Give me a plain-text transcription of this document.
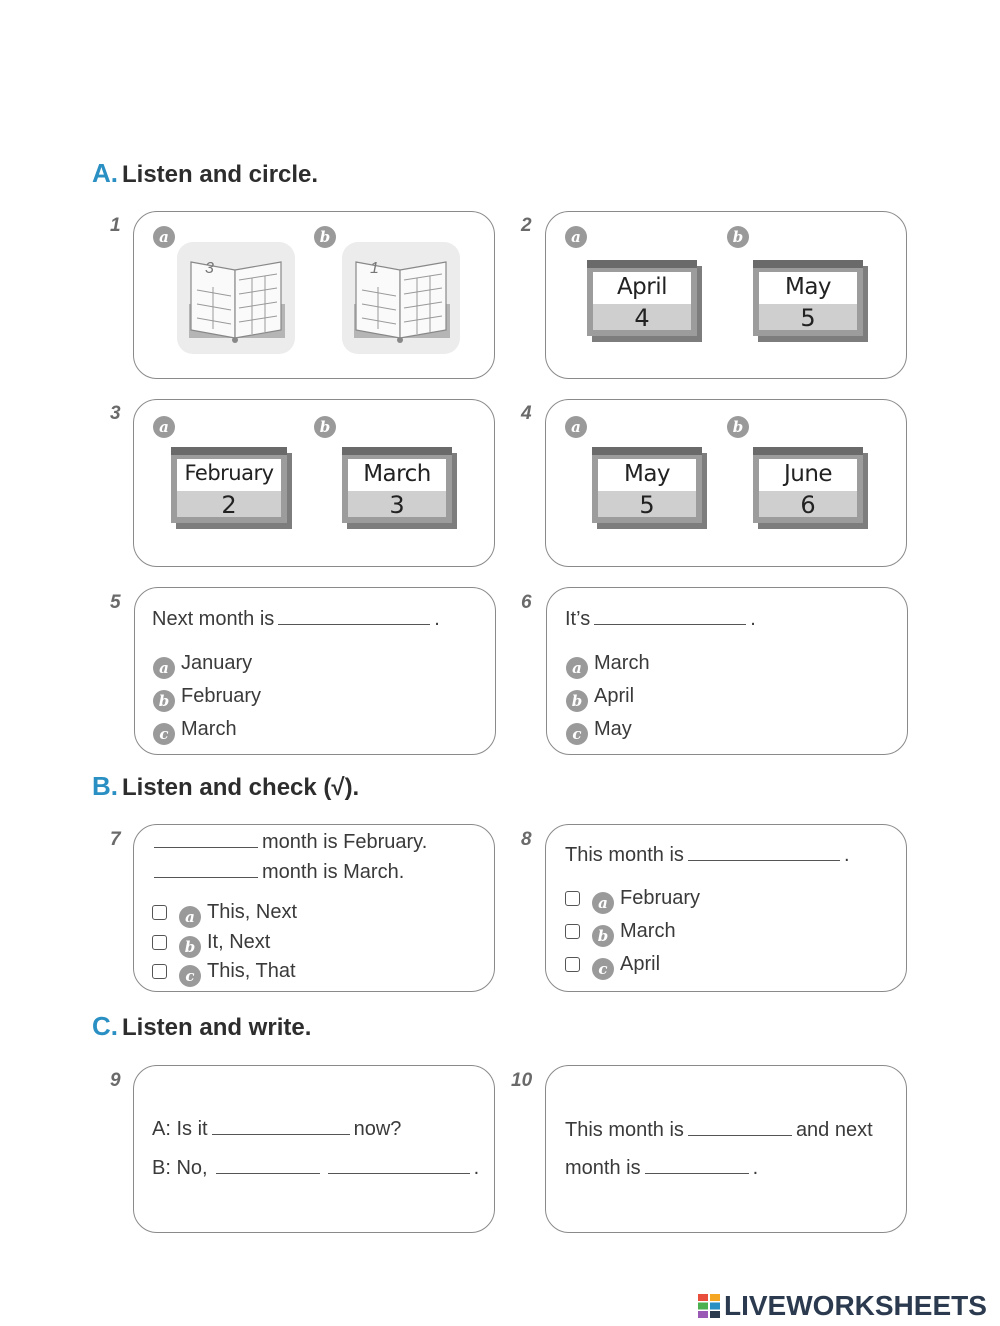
A. Listen and circle.
1
a	b
3	1
2
a	b
April
4
May
5
3
a	b
February
2
March
3
4
a	b
May
5
June
6
5
Next month is	.
a January
b February
c March
6
It’s	.
a March
b April
c May
B. Listen and check (√).
7	month is February.
month is March.
a This, Next
b It, Next
c This, That
8
This month is	.
a February
b March
c April
C. Listen and write.
9
A: Is it	now?
B: No,	.
10
This month is	and next
month is	.
LIVEWORKSHEETS
